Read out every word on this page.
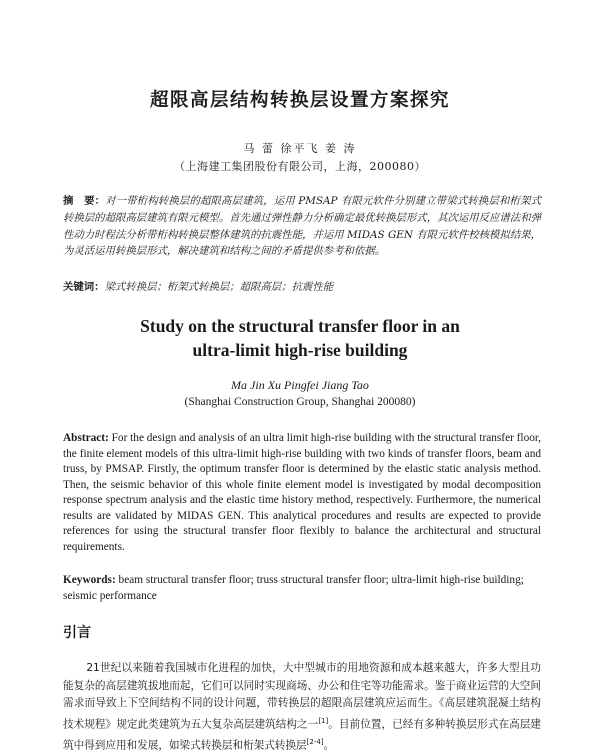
超限高层结构转换层设置方案探究
马 蕾 徐平飞 姜 涛
（上海建工集团股份有限公司，上海，200080）
摘　要：对一带桁构转换层的超限高层建筑，运用 PMSAP 有限元软件分别建立带梁式转换层和桁架式转换层的超限高层建筑有限元模型。首先通过弹性静力分析确定最优转换层形式，其次运用反应谱法和弹性动力时程法分析带桁构转换层整体建筑的抗震性能，并运用 MIDAS GEN 有限元软件校核模拟结果，为灵活运用转换层形式，解决建筑和结构之间的矛盾提供参考和依据。
关键词：梁式转换层；桁架式转换层；超限高层；抗震性能
Study on the structural transfer floor in an
ultra-limit high-rise building
Ma Jin Xu Pingfei Jiang Tao
(Shanghai Construction Group, Shanghai 200080)
Abstract: For the design and analysis of an ultra limit high-rise building with the structural transfer floor, the finite element models of this ultra-limit high-rise building with two kinds of transfer floors, beam and truss, by PMSAP. Firstly, the optimum transfer floor is determined by the elastic static analysis method. Then, the seismic behavior of this whole finite element model is investigated by modal decomposition response spectrum analysis and the elastic time history method, respectively. Furthermore, the numerical results are validated by MIDAS GEN. This analytical procedures and results are expected to provide references for using the structural transfer floor flexibly to balance the architectural and structural requirements.
Keywords: beam structural transfer floor; truss structural transfer floor; ultra-limit high-rise building; seismic performance
引言
21世纪以来随着我国城市化进程的加快，大中型城市的用地资源和成本越来越大，许多大型且功能复杂的高层建筑拔地而起，它们可以同时实现商场、办公和住宅等功能需求。鉴于商业运营的大空间需求而导致上下空间结构不同的设计问题，带转换层的超限高层建筑应运而生。《高层建筑混凝土结构技术规程》规定此类建筑为五大复杂高层建筑结构之一[1]。目前位置，已经有多种转换层形式在高层建筑中得到应用和发展，如梁式转换层和桁架式转换层[2-4]。
